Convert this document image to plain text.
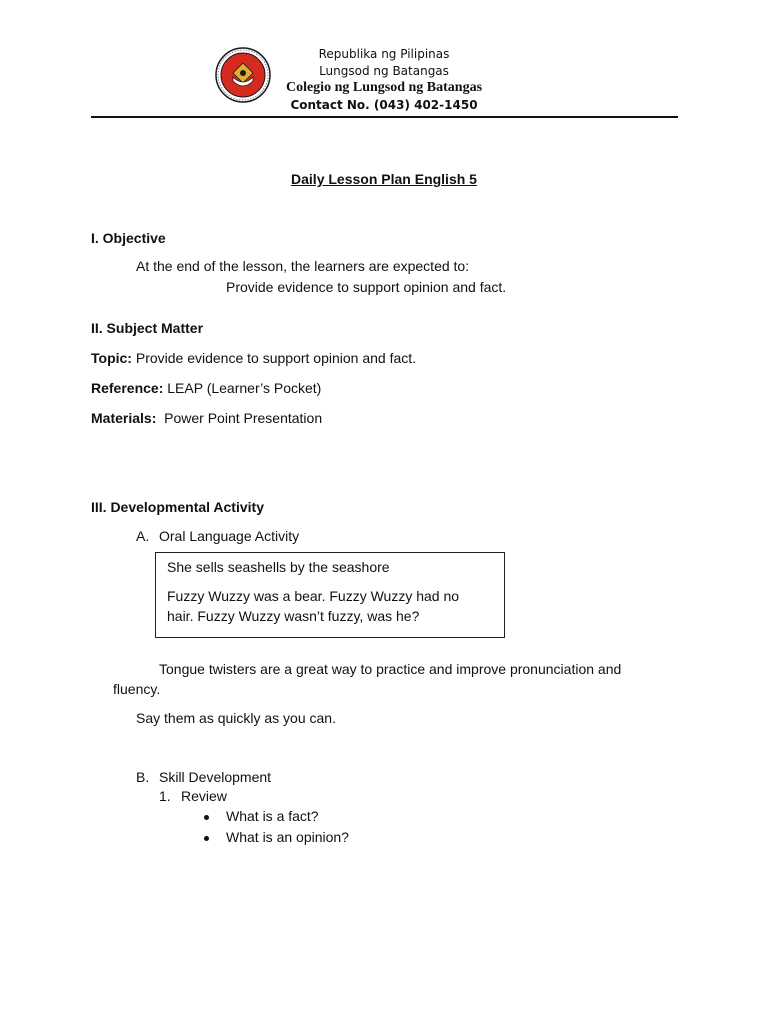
Republika ng Pilipinas
Lungsod ng Batangas
Colegio ng Lungsod ng Batangas
Contact No. (043) 402-1450
Daily Lesson Plan English 5
I. Objective
At the end of the lesson, the learners are expected to:
Provide evidence to support opinion and fact.
II. Subject Matter
Topic: Provide evidence to support opinion and fact.
Reference: LEAP (Learner’s Pocket)
Materials:  Power Point Presentation
III. Developmental Activity
A. Oral Language Activity
She sells seashells by the seashore
Fuzzy Wuzzy was a bear. Fuzzy Wuzzy had no
hair. Fuzzy Wuzzy wasn’t fuzzy, was he?
Tongue twisters are a great way to practice and improve pronunciation and
fluency.
Say them as quickly as you can.
B. Skill Development
1. Review
What is a fact?
What is an opinion?
